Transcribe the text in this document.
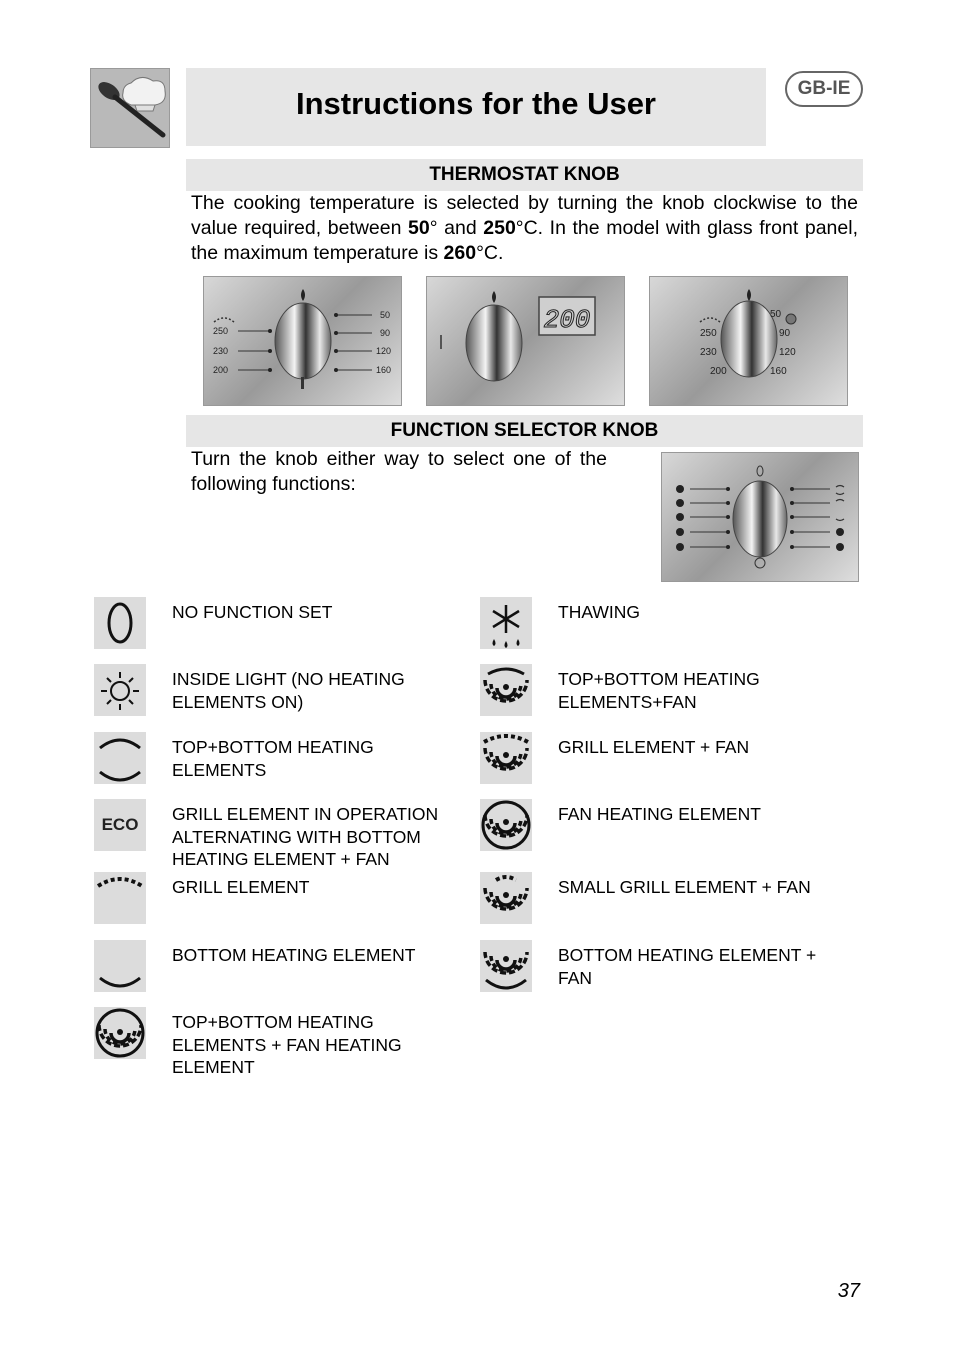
Instructions for the User	GB-IE
THERMOSTAT KNOB
The cooking temperature is selected by turning the knob clockwise to the value required, between 50° and 250°C. In the model with glass front panel, the maximum temperature is 260°C.
250
230
200
50
90
120
160
200	250
230
200
50
90
120
160
FUNCTION SELECTOR KNOB
Turn the knob either way to select one of the following functions:
NO FUNCTION SET
INSIDE LIGHT (NO HEATING ELEMENTS ON)
TOP+BOTTOM HEATING ELEMENTS
ECO
GRILL ELEMENT IN OPERATION ALTERNATING WITH BOTTOM HEATING ELEMENT + FAN
GRILL ELEMENT
BOTTOM HEATING ELEMENT
TOP+BOTTOM HEATING ELEMENTS + FAN HEATING ELEMENT
THAWING
TOP+BOTTOM HEATING ELEMENTS+FAN
GRILL ELEMENT + FAN
FAN HEATING ELEMENT
SMALL GRILL ELEMENT + FAN
BOTTOM HEATING ELEMENT + FAN
37
